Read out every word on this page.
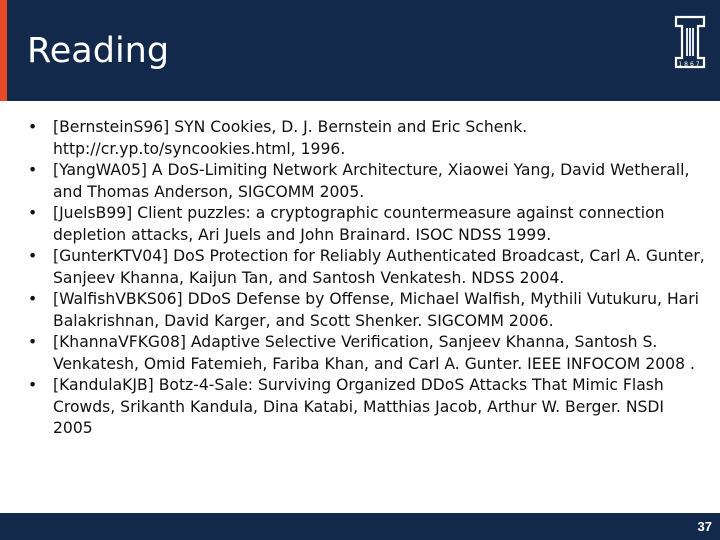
Reading	1867
•	[BernsteinS96] SYN Cookies, D. J. Bernstein and Eric Schenk. http://cr.yp.to/syncookies.html, 1996.
•	[YangWA05] A DoS-Limiting Network Architecture, Xiaowei Yang, David Wetherall, and Thomas Anderson, SIGCOMM 2005.
•	[JuelsB99] Client puzzles: a cryptographic countermeasure against connection depletion attacks, Ari Juels and John Brainard. ISOC NDSS 1999.
•	[GunterKTV04] DoS Protection for Reliably Authenticated Broadcast, Carl A. Gunter, Sanjeev Khanna, Kaijun Tan, and Santosh Venkatesh. NDSS 2004.
•	[WalfishVBKS06] DDoS Defense by Offense, Michael Walfish, Mythili Vutukuru, Hari Balakrishnan, David Karger, and Scott Shenker. SIGCOMM 2006.
•	[KhannaVFKG08] Adaptive Selective Verification, Sanjeev Khanna, Santosh S. Venkatesh, Omid Fatemieh, Fariba Khan, and Carl A. Gunter. IEEE INFOCOM 2008 .
•	[KandulaKJB] Botz-4-Sale: Surviving Organized DDoS Attacks That Mimic Flash Crowds, Srikanth Kandula, Dina Katabi, Matthias Jacob, Arthur W. Berger. NSDI 2005
37
